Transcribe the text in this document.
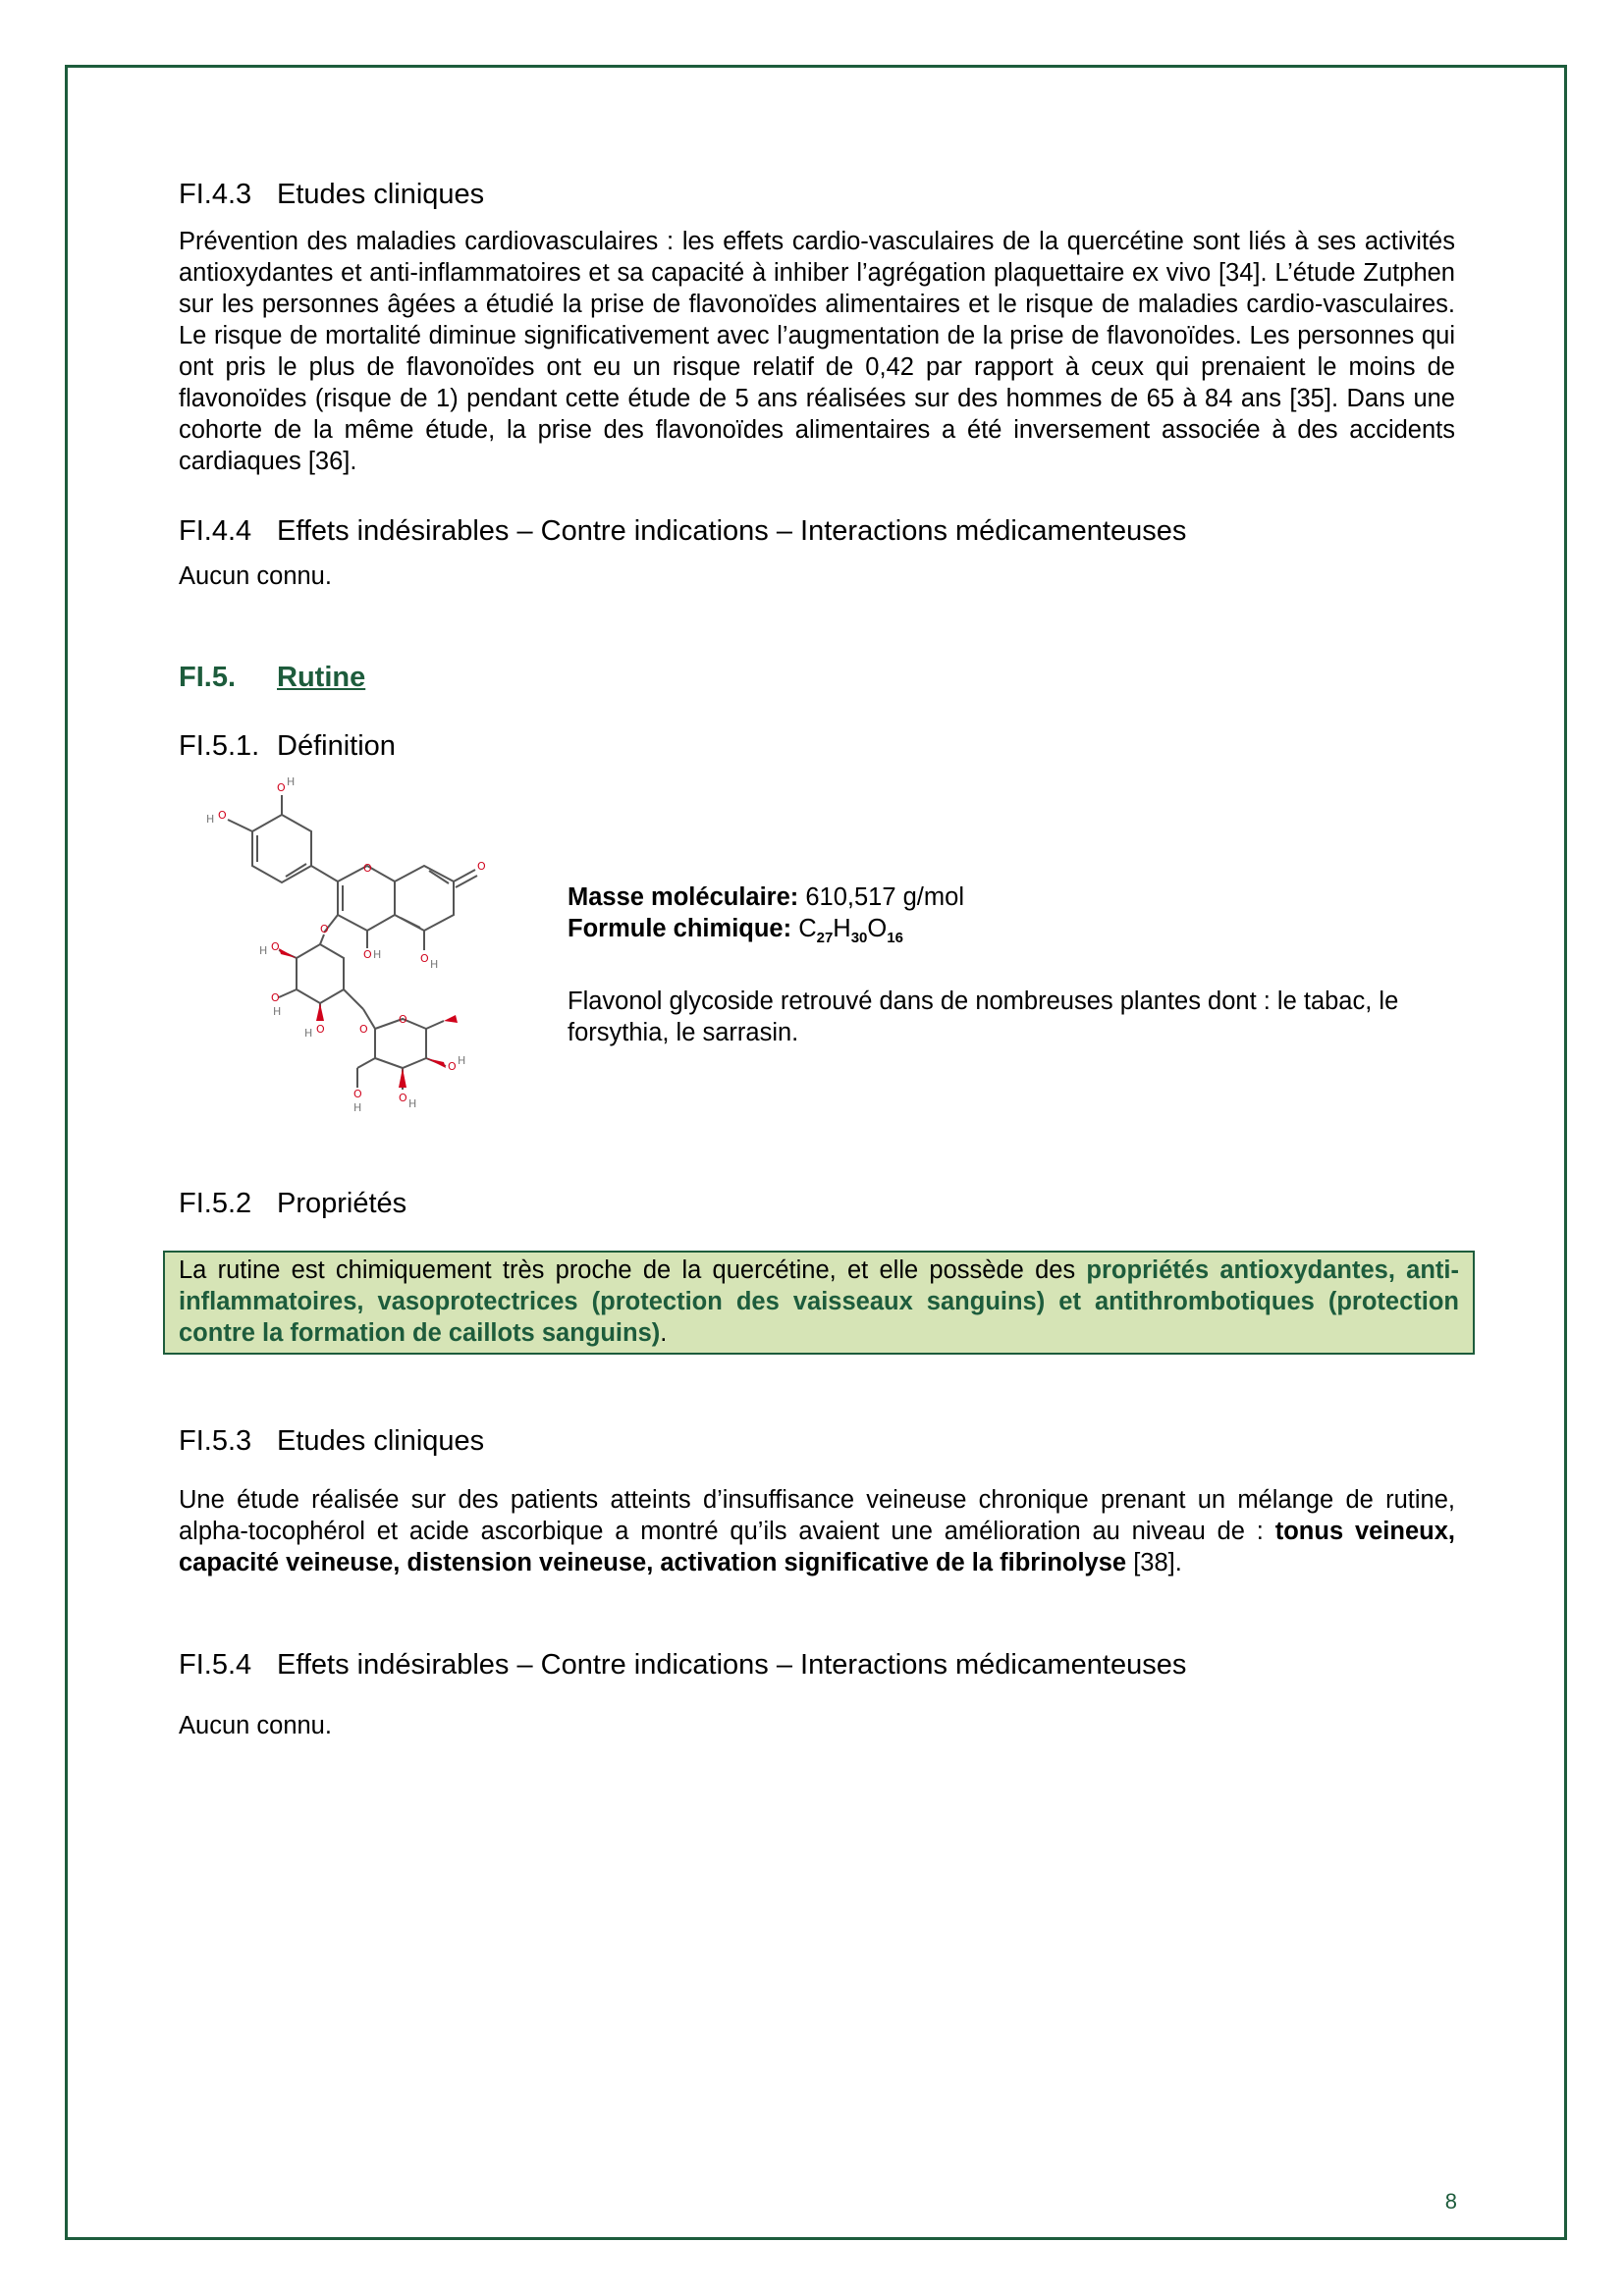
FI.4.3 Etudes cliniques

Prévention des maladies cardiovasculaires : les effets cardio-vasculaires de la quercétine sont liés à ses activités antioxydantes et anti-inflammatoires et sa capacité à inhiber l’agrégation plaquettaire ex vivo [34]. L’étude Zutphen sur les personnes âgées a étudié la prise de flavonoïdes alimentaires et le risque de maladies cardio-vasculaires. Le risque de mortalité diminue significativement avec l’augmentation de la prise de flavonoïdes. Les personnes qui ont pris le plus de flavonoïdes ont eu un risque relatif de 0,42 par rapport à ceux qui prenaient le moins de flavonoïdes (risque de 1) pendant cette étude de 5 ans réalisées sur des hommes de 65 à 84 ans [35]. Dans une cohorte de la même étude, la prise des flavonoïdes alimentaires a été inversement associée à des accidents cardiaques [36].

FI.4.4 Effets indésirables – Contre indications – Interactions médicamenteuses

Aucun connu.

FI.5. Rutine
FI.5.1. Définition
O H
O
H
O	O
O
O H	O H
O
H
O
H
O
H	O
O
O
H
O H
O H
Masse moléculaire: 610,517 g/mol
Formule chimique: $C_{27}H_{30}O_{16}$

Flavonol glycoside retrouvé dans de nombreuses plantes dont : le tabac, le forsythia, le sarrasin.

FI.5.2 Propriétés

La rutine est chimiquement très proche de la quercétine, et elle possède des propriétés antioxydantes, anti-inflammatoires, vasoprotectrices (protection des vaisseaux sanguins) et antithrombotiques (protection contre la formation de caillots sanguins).

FI.5.3 Etudes cliniques

Une étude réalisée sur des patients atteints d’insuffisance veineuse chronique prenant un mélange de rutine, alpha-tocophérol et acide ascorbique a montré qu’ils avaient une amélioration au niveau de : tonus veineux, capacité veineuse, distension veineuse, activation significative de la fibrinolyse [38].

FI.5.4 Effets indésirables – Contre indications – Interactions médicamenteuses

Aucun connu.

8
